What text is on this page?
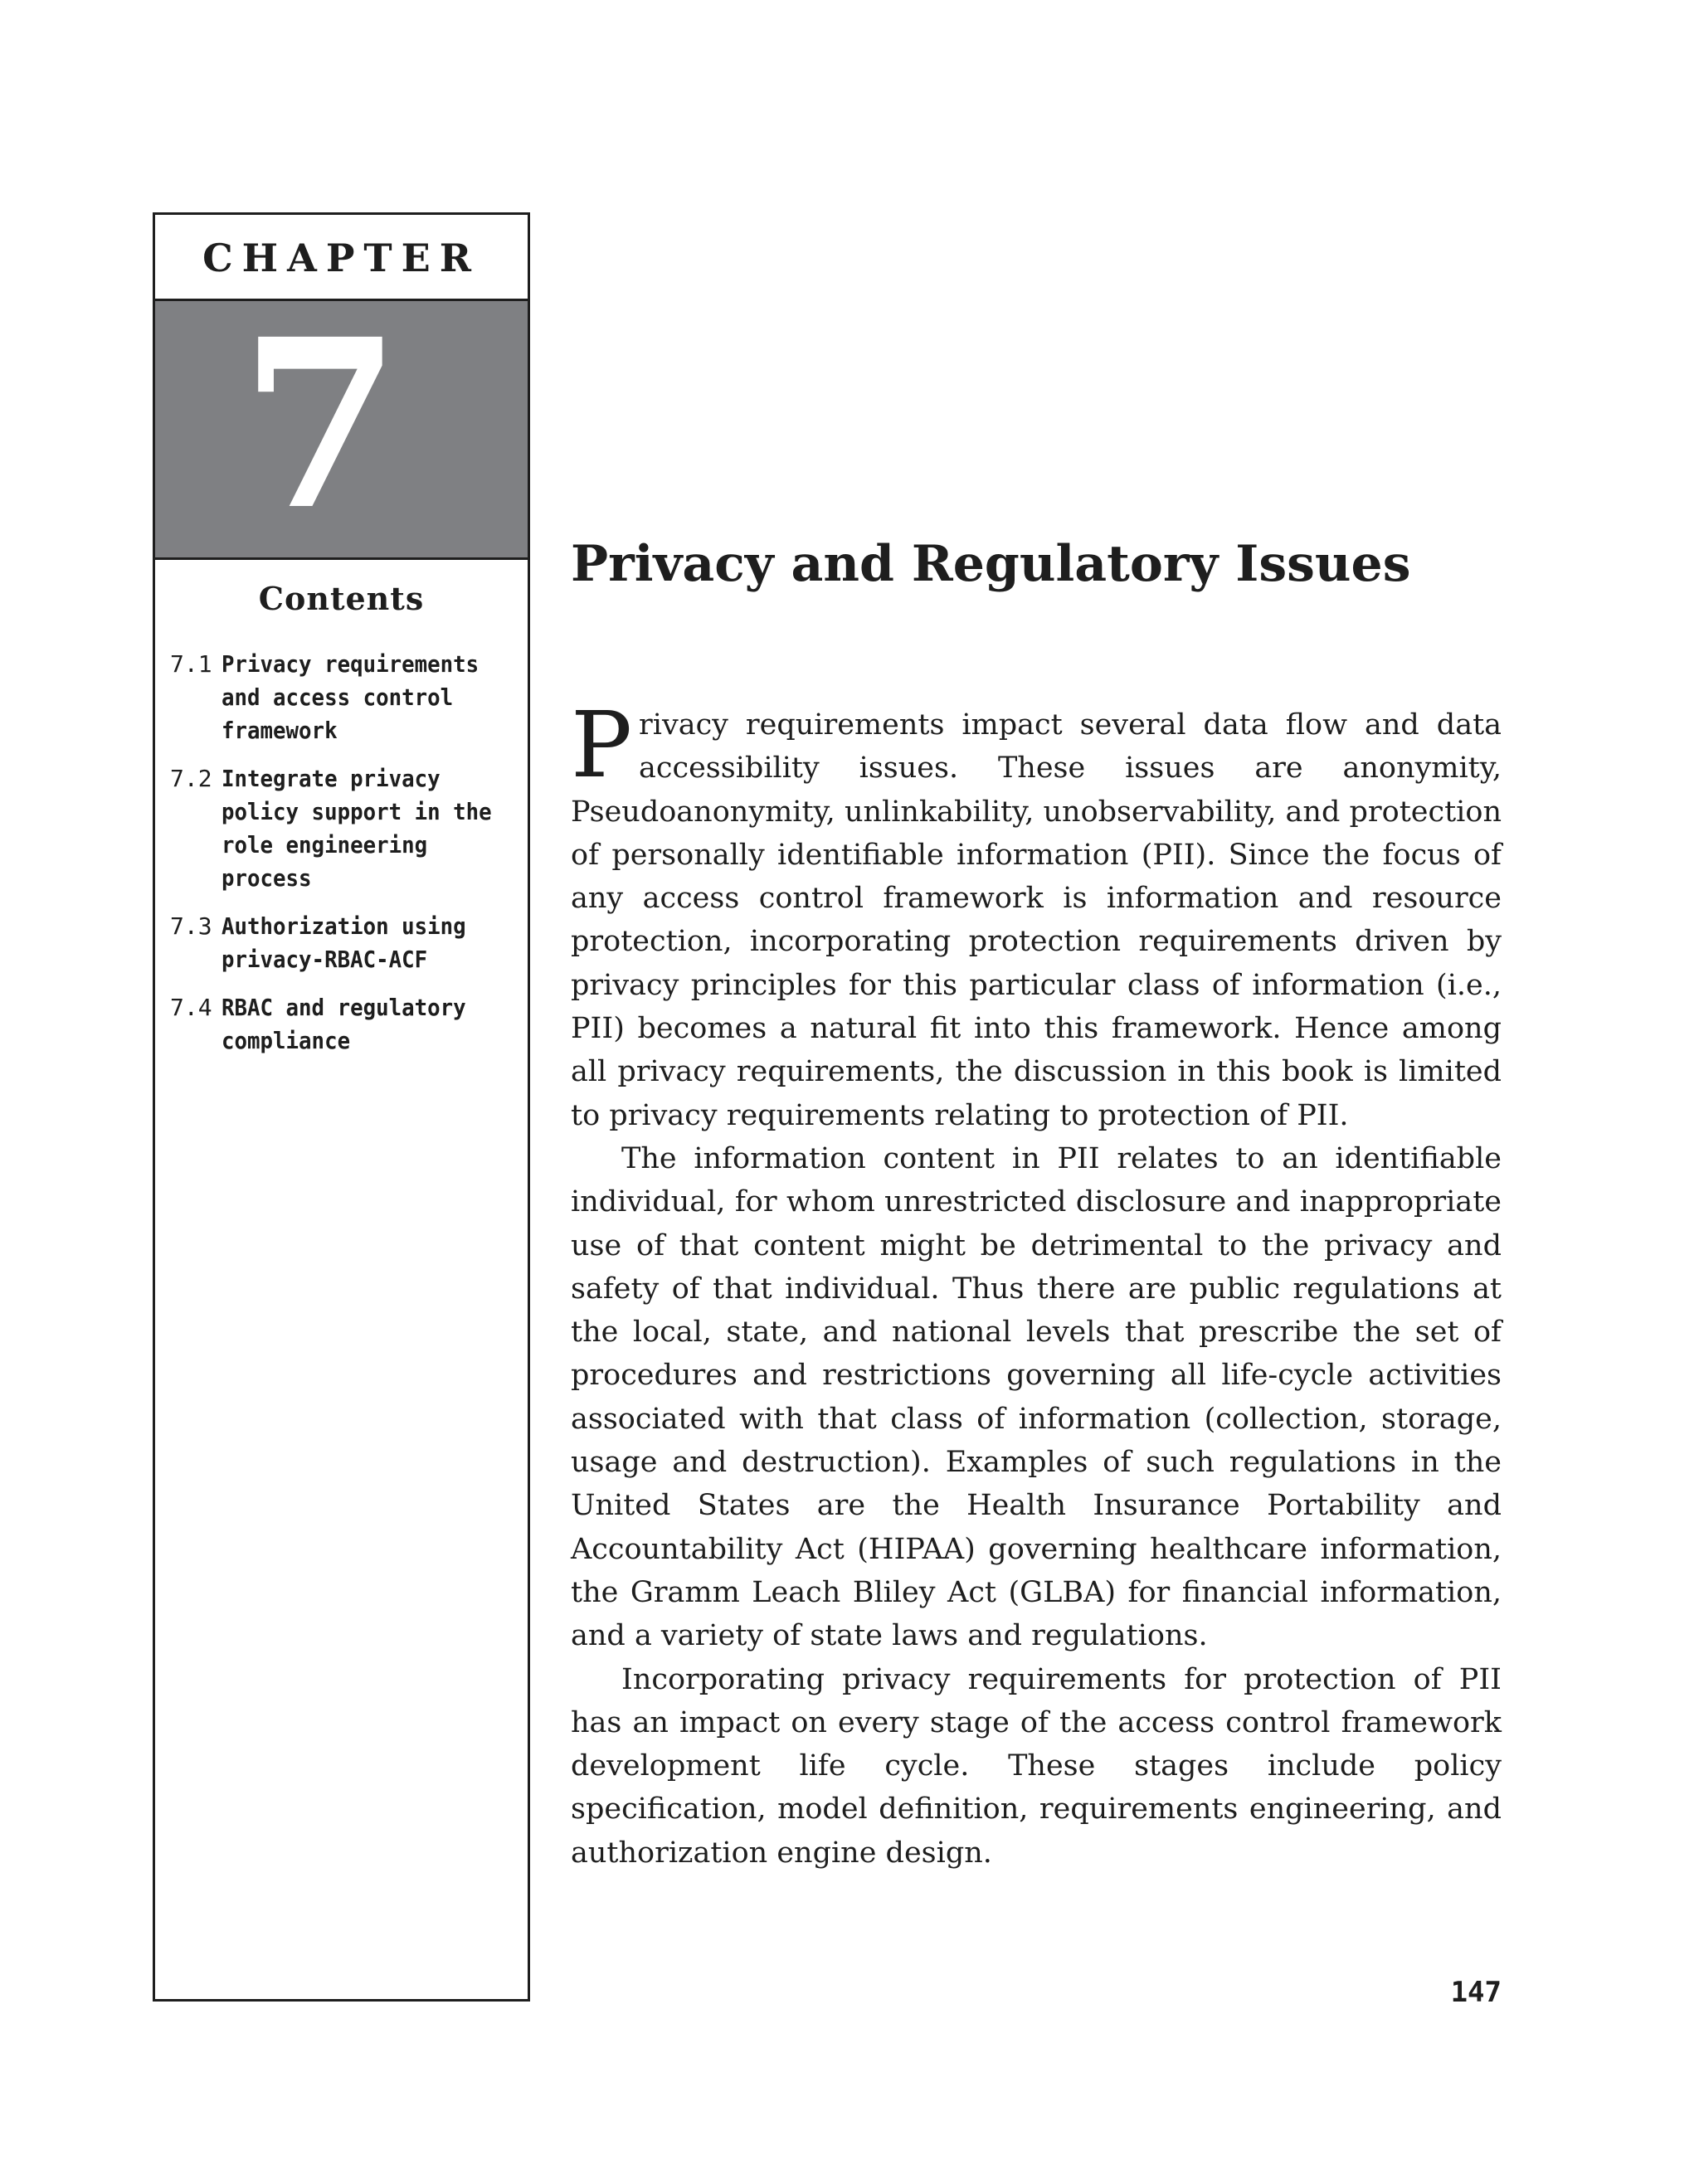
CHAPTER
7
Contents
7.1 Privacy requirements and access control framework
7.2 Integrate privacy policy support in the role engineering process
7.3 Authorization using privacy-RBAC-ACF
7.4 RBAC and regulatory compliance
Privacy and Regulatory Issues

Privacy requirements impact several data flow and data accessibility issues. These issues are anonymity, Pseudoanonymity, unlinkability, unobservability, and protection of personally identifiable information (PII). Since the focus of any access control framework is information and resource protection, incorporating protection requirements driven by privacy principles for this particular class of information (i.e., PII) becomes a natural fit into this framework. Hence among all privacy requirements, the discussion in this book is limited to privacy requirements relating to protection of PII.

The information content in PII relates to an identifiable individual, for whom unrestricted disclosure and inappropriate use of that content might be detrimental to the privacy and safety of that individual. Thus there are public regulations at the local, state, and national levels that prescribe the set of procedures and restrictions governing all life-cycle activities associated with that class of information (collection, storage, usage and destruction). Examples of such regulations in the United States are the Health Insurance Portability and Accountability Act (HIPAA) governing healthcare information, the Gramm Leach Bliley Act (GLBA) for financial information, and a variety of state laws and regulations.

Incorporating privacy requirements for protection of PII has an impact on every stage of the access control framework development life cycle. These stages include policy specification, model definition, requirements engineering, and authorization engine design.

147
